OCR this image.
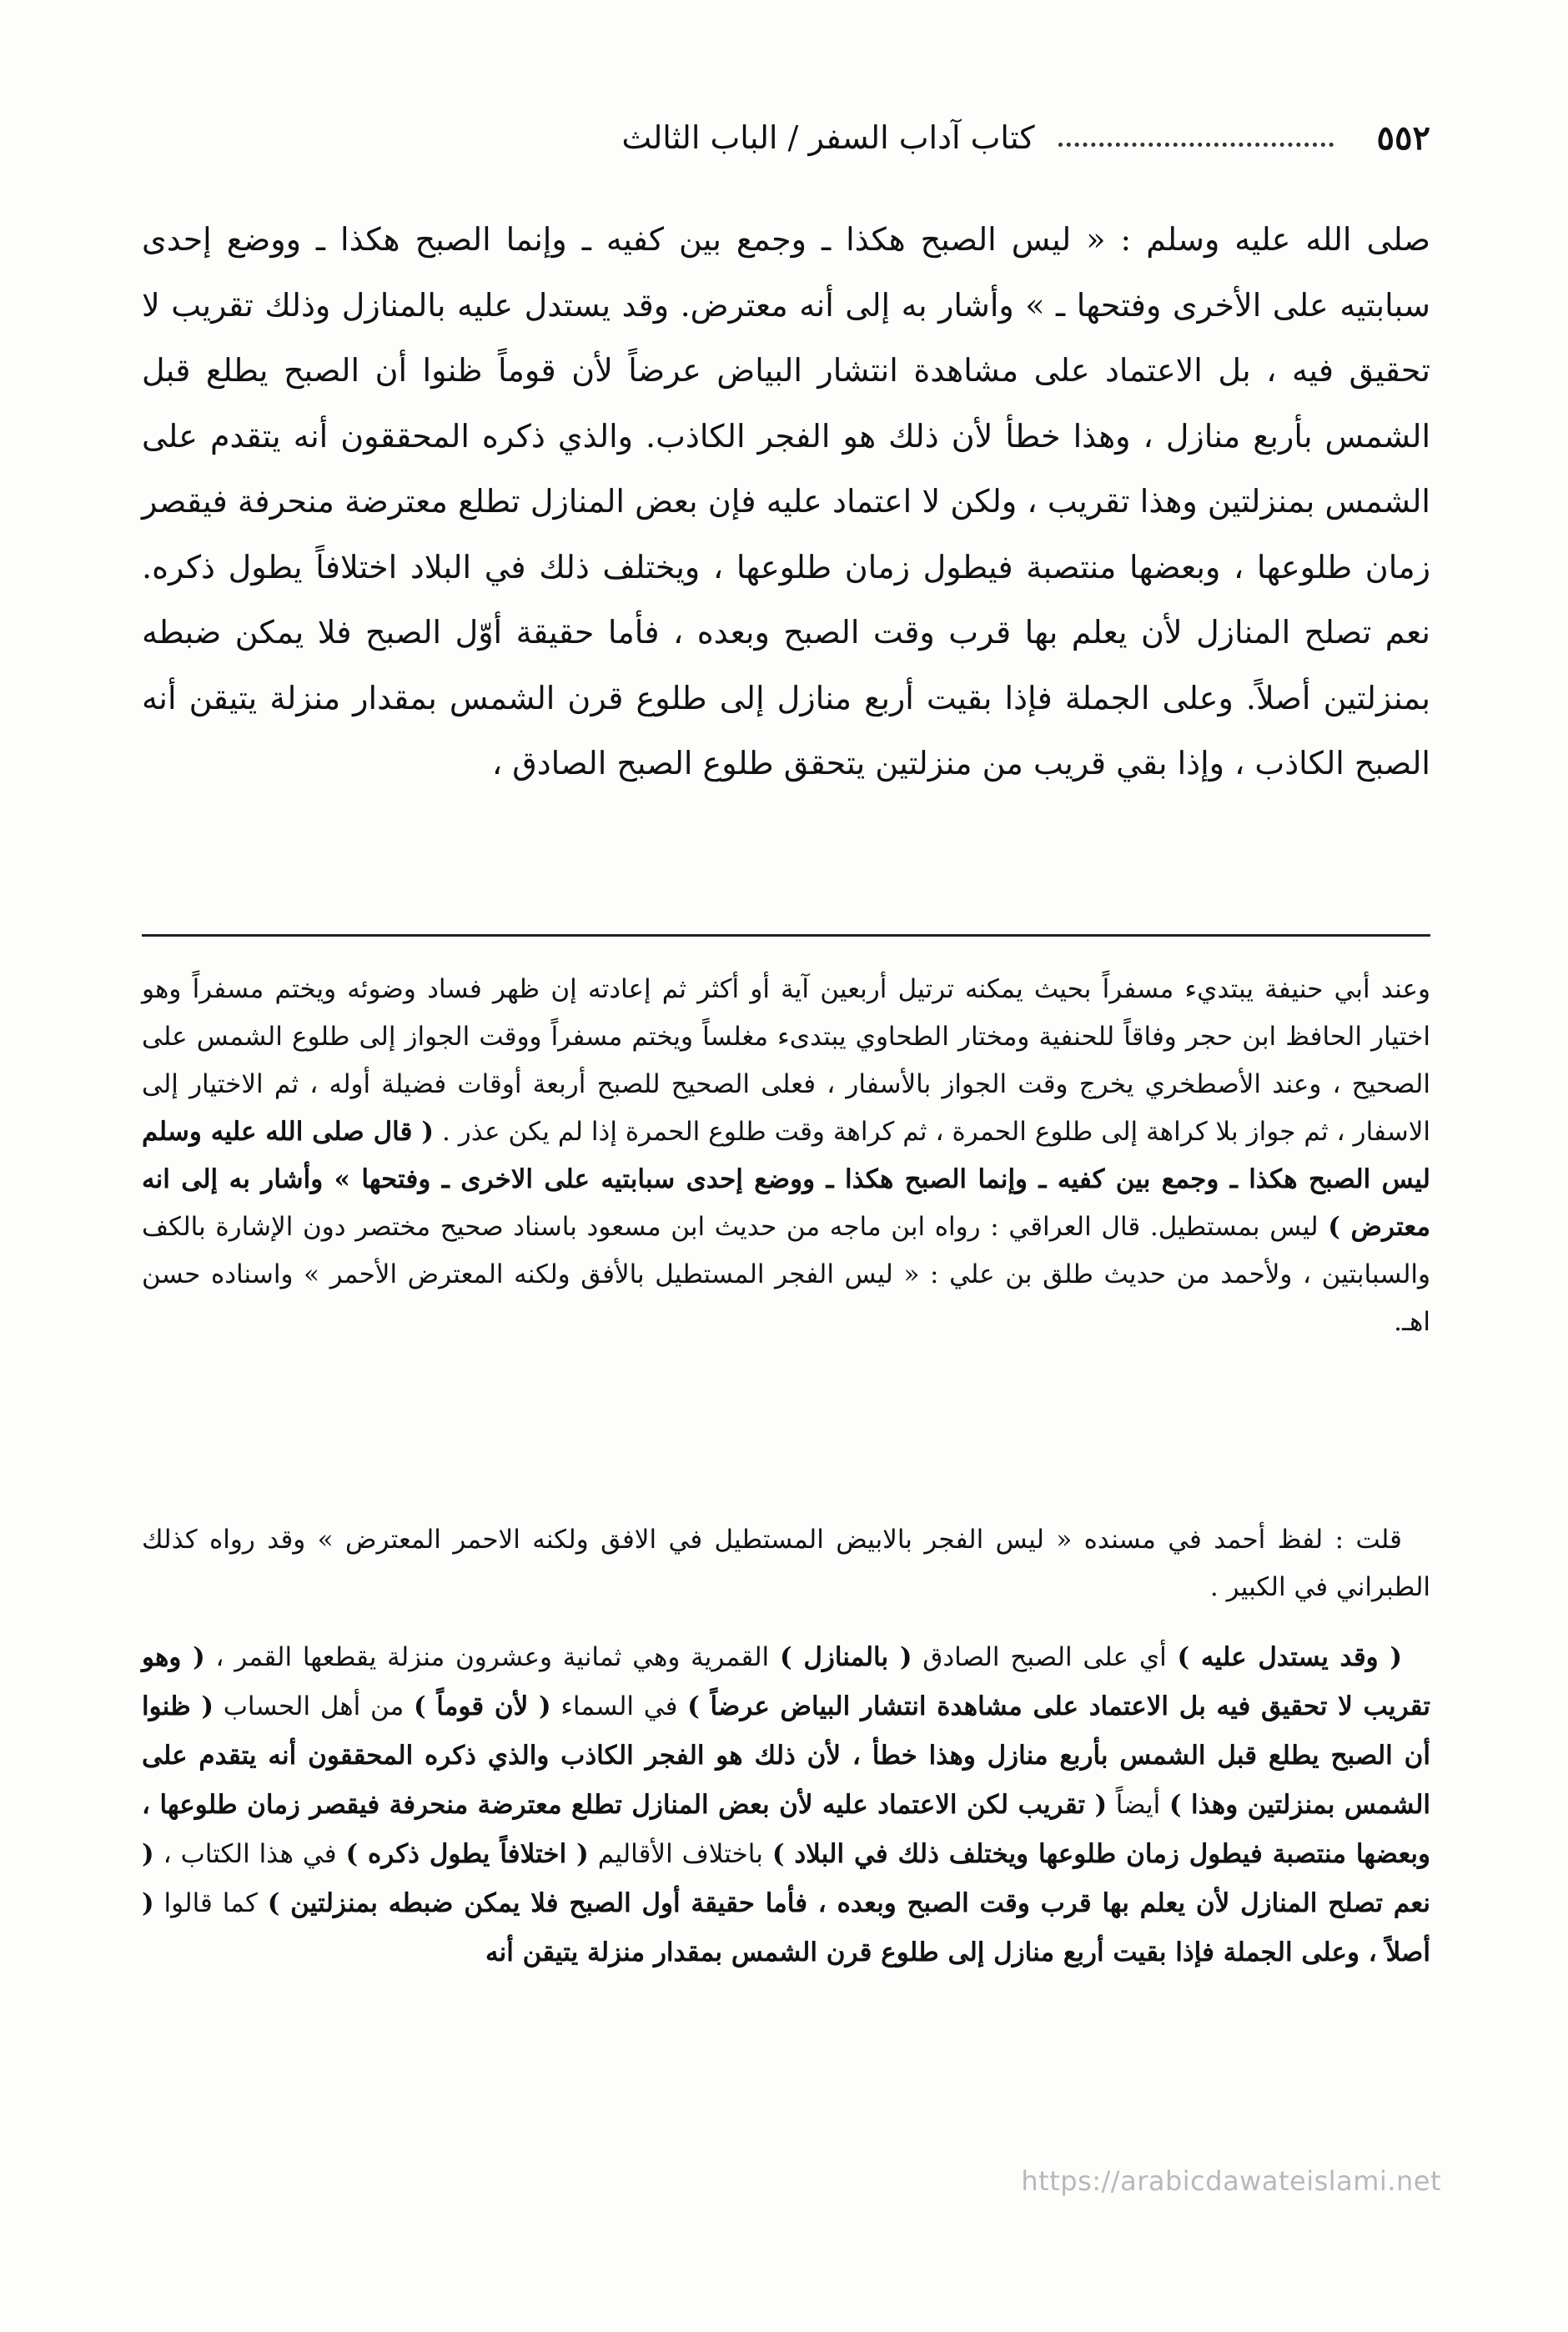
٥٥٢
كتاب آداب السفر / الباب الثالث

صلى الله عليه وسلم : « ليس الصبح هكذا ـ وجمع بين كفيه ـ وإنما الصبح هكذا ـ ووضع إحدى سبابتيه على الأخرى وفتحها ـ » وأشار به إلى أنه معترض. وقد يستدل عليه بالمنازل وذلك تقريب لا تحقيق فيه ، بل الاعتماد على مشاهدة انتشار البياض عرضاً لأن قوماً ظنوا أن الصبح يطلع قبل الشمس بأربع منازل ، وهذا خطأ لأن ذلك هو الفجر الكاذب. والذي ذكره المحققون أنه يتقدم على الشمس بمنزلتين وهذا تقريب ، ولكن لا اعتماد عليه فإن بعض المنازل تطلع معترضة منحرفة فيقصر زمان طلوعها ، وبعضها منتصبة فيطول زمان طلوعها ، ويختلف ذلك في البلاد اختلافاً يطول ذكره. نعم تصلح المنازل لأن يعلم بها قرب وقت الصبح وبعده ، فأما حقيقة أوّل الصبح فلا يمكن ضبطه بمنزلتين أصلاً. وعلى الجملة فإذا بقيت أربع منازل إلى طلوع قرن الشمس بمقدار منزلة يتيقن أنه الصبح الكاذب ، وإذا بقي قريب من منزلتين يتحقق طلوع الصبح الصادق ،

وعند أبي حنيفة يبتديء مسفراً بحيث يمكنه ترتيل أربعين آية أو أكثر ثم إعادته إن ظهر فساد وضوئه ويختم مسفراً وهو اختيار الحافظ ابن حجر وفاقاً للحنفية ومختار الطحاوي يبتدىء مغلساً ويختم مسفراً ووقت الجواز إلى طلوع الشمس على الصحيح ، وعند الأصطخري يخرج وقت الجواز بالأسفار ، فعلى الصحيح للصبح أربعة أوقات فضيلة أوله ، ثم الاختيار إلى الاسفار ، ثم جواز بلا كراهة إلى طلوع الحمرة ، ثم كراهة وقت طلوع الحمرة إذا لم يكن عذر . ( قال صلى الله عليه وسلم ليس الصبح هكذا ـ وجمع بين كفيه ـ وإنما الصبح هكذا ـ ووضع إحدى سبابتيه على الاخرى ـ وفتحها » وأشار به إلى انه معترض ) ليس بمستطيل. قال العراقي : رواه ابن ماجه من حديث ابن مسعود باسناد صحيح مختصر دون الإشارة بالكف والسبابتين ، ولأحمد من حديث طلق بن علي : « ليس الفجر المستطيل بالأفق ولكنه المعترض الأحمر » واسناده حسن اهـ.

قلت : لفظ أحمد في مسنده « ليس الفجر بالابيض المستطيل في الافق ولكنه الاحمر المعترض » وقد رواه كذلك الطبراني في الكبير .

( وقد يستدل عليه ) أي على الصبح الصادق ( بالمنازل ) القمرية وهي ثمانية وعشرون منزلة يقطعها القمر ، ( وهو تقريب لا تحقيق فيه بل الاعتماد على مشاهدة انتشار البياض عرضاً ) في السماء ( لأن قوماً ) من أهل الحساب ( ظنوا أن الصبح يطلع قبل الشمس بأربع منازل وهذا خطأ ، لأن ذلك هو الفجر الكاذب والذي ذكره المحققون أنه يتقدم على الشمس بمنزلتين وهذا ) أيضاً ( تقريب لكن الاعتماد عليه لأن بعض المنازل تطلع معترضة منحرفة فيقصر زمان طلوعها ، وبعضها منتصبة فيطول زمان طلوعها ويختلف ذلك في البلاد ) باختلاف الأقاليم ( اختلافاً يطول ذكره ) في هذا الكتاب ، ( نعم تصلح المنازل لأن يعلم بها قرب وقت الصبح وبعده ، فأما حقيقة أول الصبح فلا يمكن ضبطه بمنزلتين ) كما قالوا ( أصلاً ، وعلى الجملة فإذا بقيت أربع منازل إلى طلوع قرن الشمس بمقدار منزلة يتيقن أنه

https://arabicdawateislami.net
